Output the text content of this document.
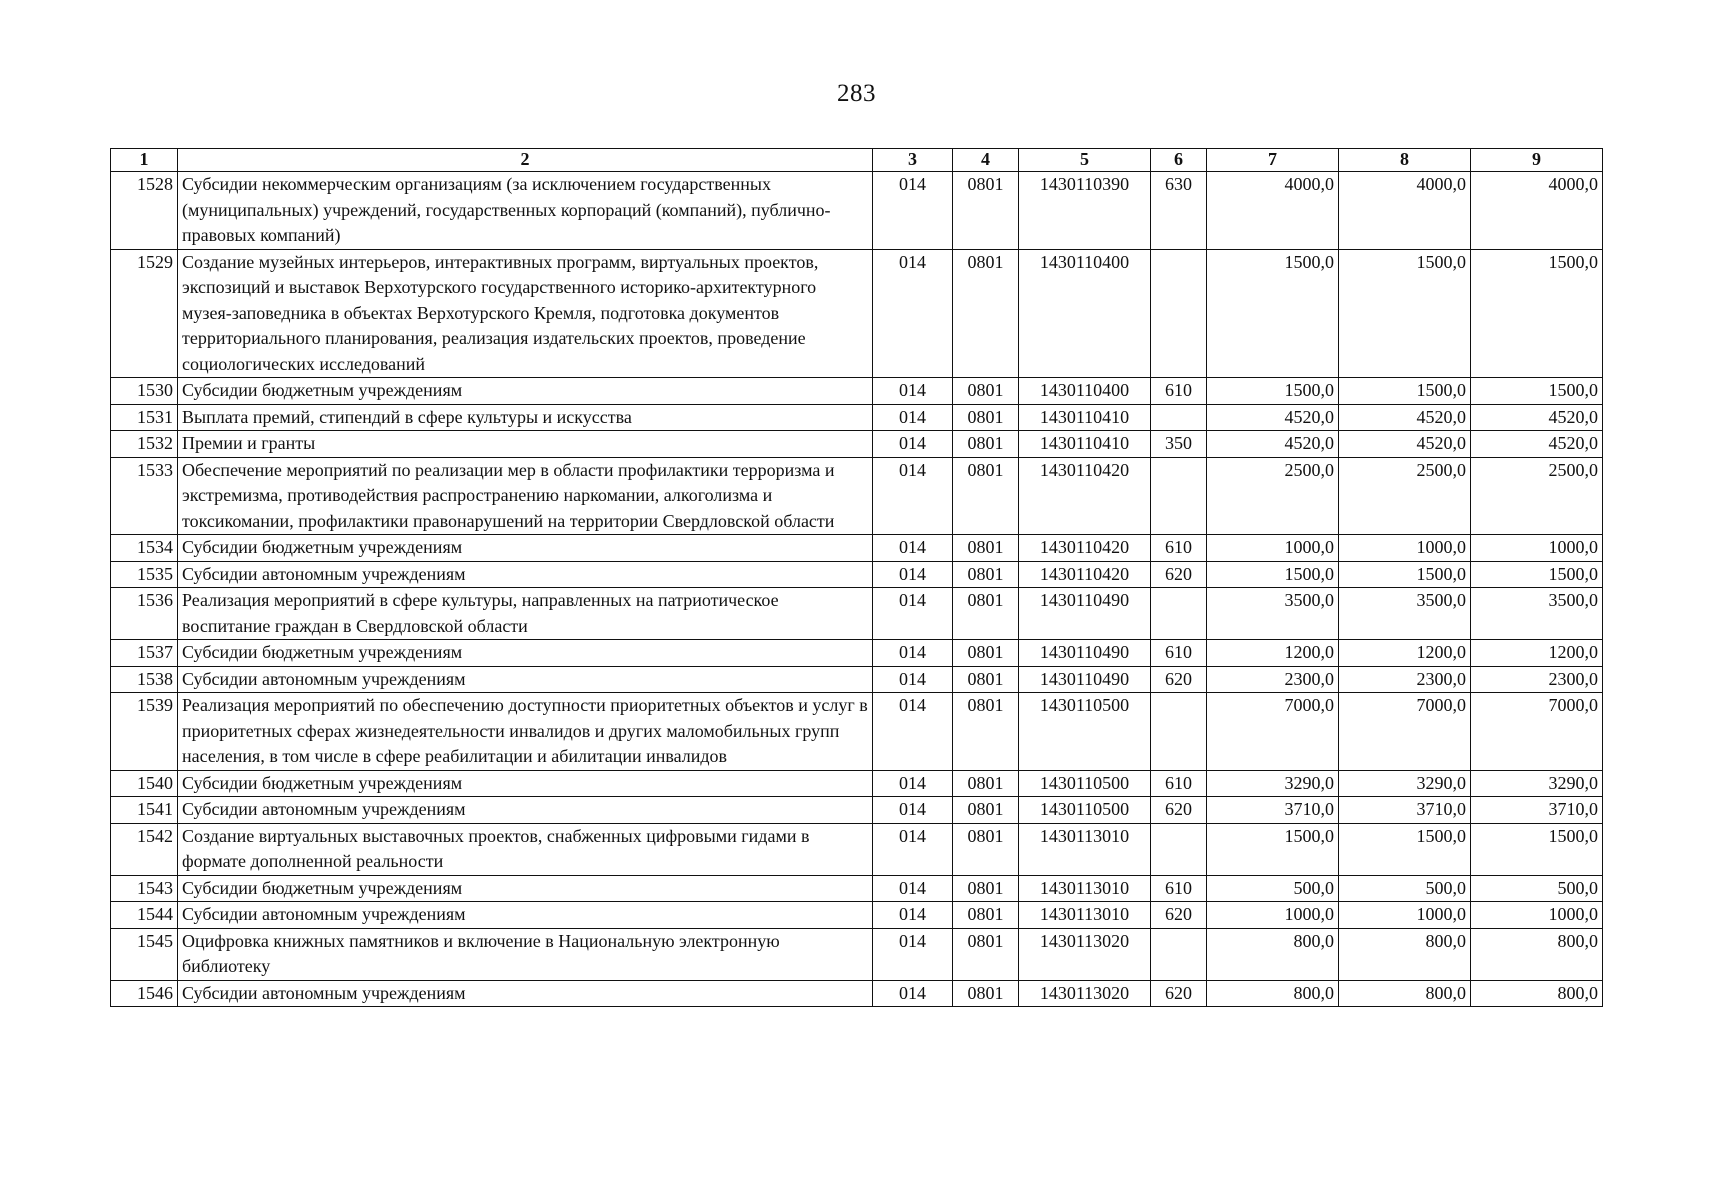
283
1	2	3	4	5	6	7	8	9
1528	Субсидии некоммерческим организациям (за исключением государственных (муниципальных) учреждений, государственных корпораций (компаний), публично-правовых компаний)	014	0801	1430110390	630	4000,0	4000,0	4000,0
1529	Создание музейных интерьеров, интерактивных программ, виртуальных проектов, экспозиций и выставок Верхотурского государственного историко-архитектурного музея-заповедника в объектах Верхотурского Кремля, подготовка документов территориального планирования, реализация издательских проектов, проведение социологических исследований	014	0801	1430110400		1500,0	1500,0	1500,0
1530	Субсидии бюджетным учреждениям	014	0801	1430110400	610	1500,0	1500,0	1500,0
1531	Выплата премий, стипендий в сфере культуры и искусства	014	0801	1430110410		4520,0	4520,0	4520,0
1532	Премии и гранты	014	0801	1430110410	350	4520,0	4520,0	4520,0
1533	Обеспечение мероприятий по реализации мер в области профилактики терроризма и экстремизма, противодействия распространению наркомании, алкоголизма и токсикомании, профилактики правонарушений на территории Свердловской области	014	0801	1430110420		2500,0	2500,0	2500,0
1534	Субсидии бюджетным учреждениям	014	0801	1430110420	610	1000,0	1000,0	1000,0
1535	Субсидии автономным учреждениям	014	0801	1430110420	620	1500,0	1500,0	1500,0
1536	Реализация мероприятий в сфере культуры, направленных на патриотическое воспитание граждан в Свердловской области	014	0801	1430110490		3500,0	3500,0	3500,0
1537	Субсидии бюджетным учреждениям	014	0801	1430110490	610	1200,0	1200,0	1200,0
1538	Субсидии автономным учреждениям	014	0801	1430110490	620	2300,0	2300,0	2300,0
1539	Реализация мероприятий по обеспечению доступности приоритетных объектов и услуг в приоритетных сферах жизнедеятельности инвалидов и других маломобильных групп населения, в том числе в сфере реабилитации и абилитации инвалидов	014	0801	1430110500		7000,0	7000,0	7000,0
1540	Субсидии бюджетным учреждениям	014	0801	1430110500	610	3290,0	3290,0	3290,0
1541	Субсидии автономным учреждениям	014	0801	1430110500	620	3710,0	3710,0	3710,0
1542	Создание виртуальных выставочных проектов, снабженных цифровыми гидами в формате дополненной реальности	014	0801	1430113010		1500,0	1500,0	1500,0
1543	Субсидии бюджетным учреждениям	014	0801	1430113010	610	500,0	500,0	500,0
1544	Субсидии автономным учреждениям	014	0801	1430113010	620	1000,0	1000,0	1000,0
1545	Оцифровка книжных памятников и включение в Национальную электронную библиотеку	014	0801	1430113020		800,0	800,0	800,0
1546	Субсидии автономным учреждениям	014	0801	1430113020	620	800,0	800,0	800,0
